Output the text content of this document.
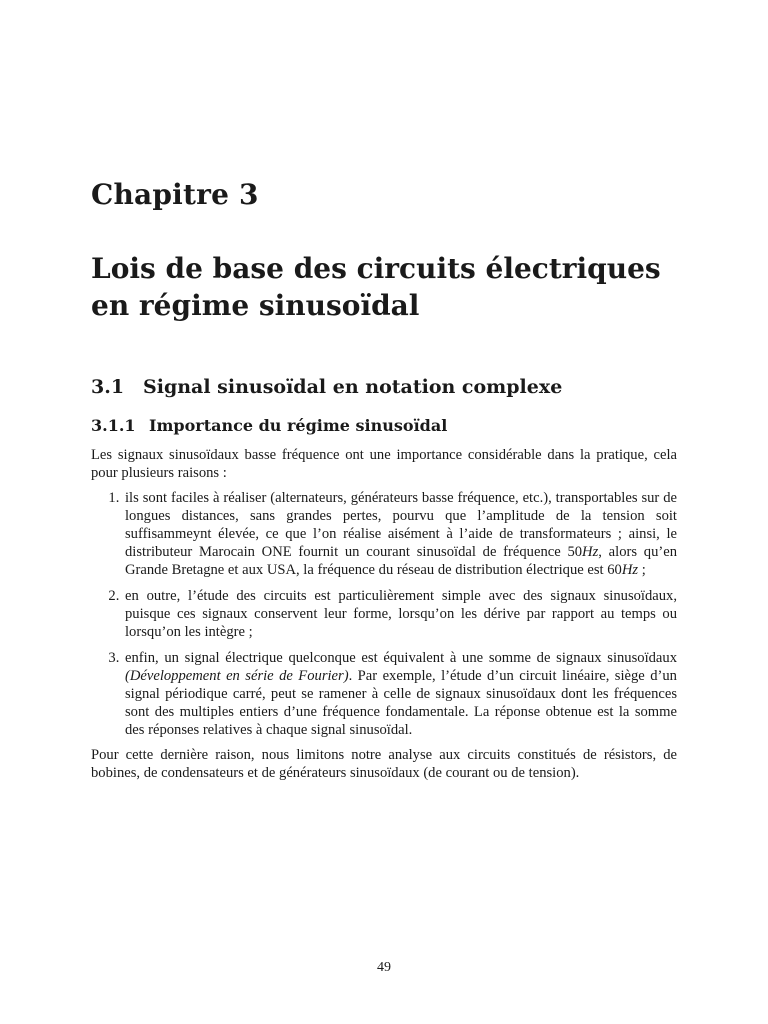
Chapitre 3
Lois de base des circuits électriques en régime sinusoïdal
3.1 Signal sinusoïdal en notation complexe
3.1.1 Importance du régime sinusoïdal

Les signaux sinusoïdaux basse fréquence ont une importance considérable dans la pratique, cela pour plusieurs raisons :

1. ils sont faciles à réaliser (alternateurs, générateurs basse fréquence, etc.), transportables sur de longues distances, sans grandes pertes, pourvu que l’amplitude de la tension soit suffisammeynt élevée, ce que l’on réalise aisément à l’aide de transformateurs ; ainsi, le distributeur Marocain ONE fournit un courant sinusoïdal de fréquence 50Hz, alors qu’en Grande Bretagne et aux USA, la fréquence du réseau de distribution électrique est 60Hz ;
2. en outre, l’étude des circuits est particulièrement simple avec des signaux sinusoïdaux, puisque ces signaux conservent leur forme, lorsqu’on les dérive par rapport au temps ou lorsqu’on les intègre ;
3. enfin, un signal électrique quelconque est équivalent à une somme de signaux sinusoïdaux (Développement en série de Fourier). Par exemple, l’étude d’un circuit linéaire, siège d’un signal périodique carré, peut se ramener à celle de signaux sinusoïdaux dont les fréquences sont des multiples entiers d’une fréquence fondamentale. La réponse obtenue est la somme des réponses relatives à chaque signal sinusoïdal.

Pour cette dernière raison, nous limitons notre analyse aux circuits constitués de résistors, de bobines, de condensateurs et de générateurs sinusoïdaux (de courant ou de tension).

49
